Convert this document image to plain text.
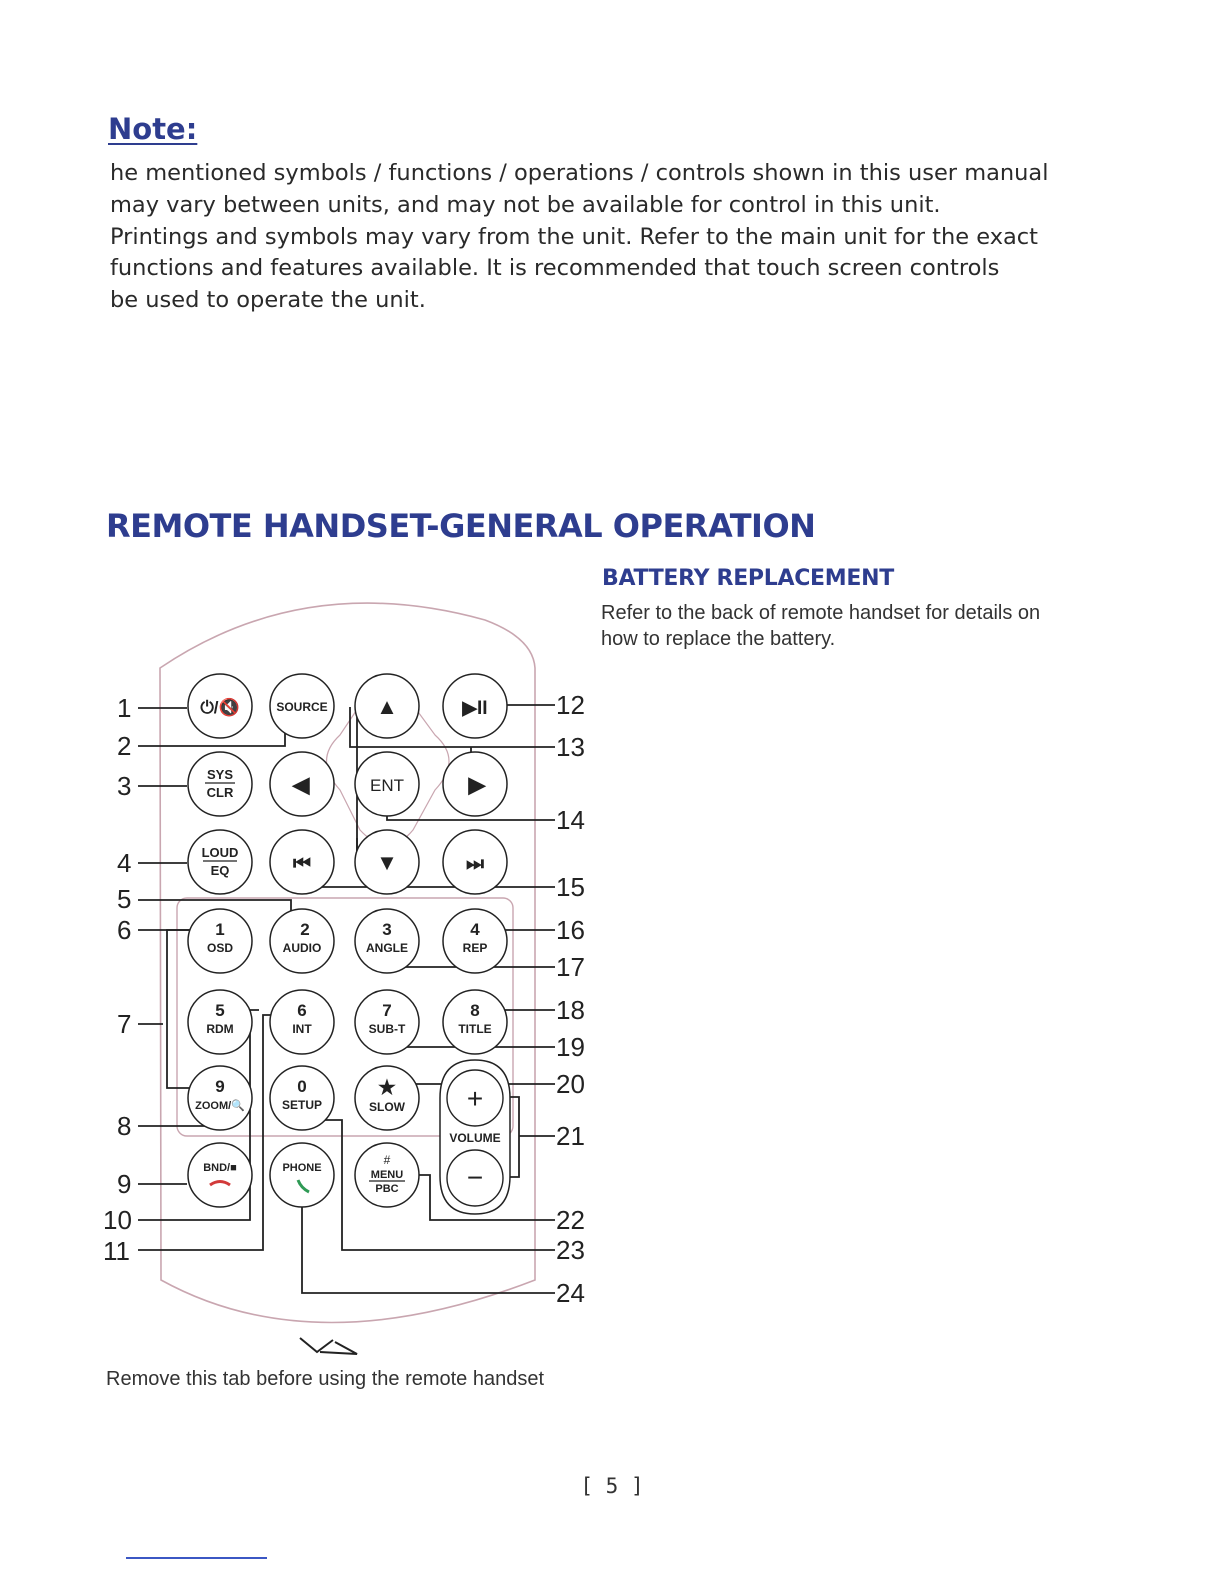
Note:
he mentioned symbols / functions / operations / controls shown in this user manual
may vary between units, and may not be available for control in this unit.
Printings and symbols may vary from the unit. Refer to the main unit for the exact
functions and features available. It is recommended that touch screen controls
be used to operate the unit.
REMOTE HANDSET-GENERAL OPERATION
BATTERY REPLACEMENT
Refer to the back of remote handset for details on
how to replace the battery.
1
2
3
4
5
6
7
8
9
10
11
12
13
14
15
16
17
18
19
20
21
22
23
24
⏻/🔇	SOURCE ▲	▶II
SYS
CLR	◀	ENT	▶
LOUD
EQ	⏮	▼	⏭
1
OSD
2
AUDIO
3
ANGLE
4
REP
5
RDM
6
INT
7
SUB-T
8
TITLE
9
ZOOM/🔍
0
SETUP
★
SLOW +
VOLUME
−
BND/■	PHONE
#
MENU
PBC
Remove this tab before using the remote handset
[ 5 ]
